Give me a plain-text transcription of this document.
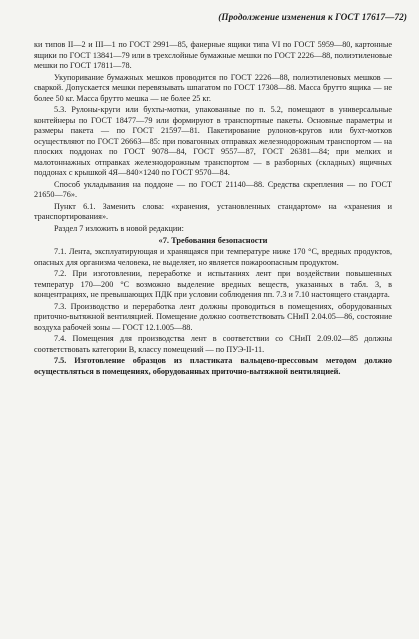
(Продолжение изменения к ГОСТ 17617—72)

ки типов II—2 и III—1 по ГОСТ 2991—85, фанерные ящики типа VI по ГОСТ 5959—80, картонные ящики по ГОСТ 13841—79 или в трехслойные бумажные мешки по ГОСТ 2226—88, полиэтиленовые мешки по ГОСТ 17811—78.

Укупоривание бумажных мешков проводится по ГОСТ 2226—88, полиэтиленовых мешков — сваркой. Допускается мешки перевязывать шпагатом по ГОСТ 17308—88. Масса брутто ящика — не более 50 кг. Масса брутто мешка — не более 25 кг.

5.3. Рулоны-круги или бухты-мотки, упакованные по п. 5.2, помещают в универсальные контейнеры по ГОСТ 18477—79 или формируют в транспортные пакеты. Основные параметры и размеры пакета — по ГОСТ 21597—81. Пакетирование рулонов-кругов или бухт-мотков осуществляют по ГОСТ 26663—85: при повагонных отправках железнодорожным транспортом — на плоских поддонах по ГОСТ 9078—84, ГОСТ 9557—87, ГОСТ 26381—84; при мелких и малотоннажных отправках железнодорожным транспортом — в разборных (складных) ящичных поддонах с крышкой 4Я—840×1240 по ГОСТ 9570—84.

Способ укладывания на поддоне — по ГОСТ 21140—88. Средства скрепления — по ГОСТ 21650—76».

Пункт 6.1. Заменить слова: «хранения, установленных стандартом» на «хранения и транспортирования».

Раздел 7 изложить в новой редакции:

«7. Требования безопасности

7.1. Лента, эксплуатирующая и хранящаяся при температуре ниже 170 °С, вредных продуктов, опасных для организма человека, не выделяет, но является пожароопасным продуктом.

7.2. При изготовлении, переработке и испытаниях лент при воздействии повышенных температур 170—200 °С возможно выделение вредных веществ, указанных в табл. 3, в концентрациях, не превышающих ПДК при условии соблюдения пп. 7.3 и 7.10 настоящего стандарта.

7.3. Производство и переработка лент должны проводиться в помещениях, оборудованных приточно-вытяжной вентиляцией. Помещение должно соответствовать СНиП 2.04.05—86, состояние воздуха рабочей зоны — ГОСТ 12.1.005—88.

7.4. Помещения для производства лент в соответствии со СНиП 2.09.02—85 должны соответствовать категории В, классу помещений — по ПУЭ-II-11.

7.5. Изготовление образцов из пластиката вальцево-прессовым методом должно осуществляться в помещениях, оборудованных приточно-вытяжной вентиляцией.
